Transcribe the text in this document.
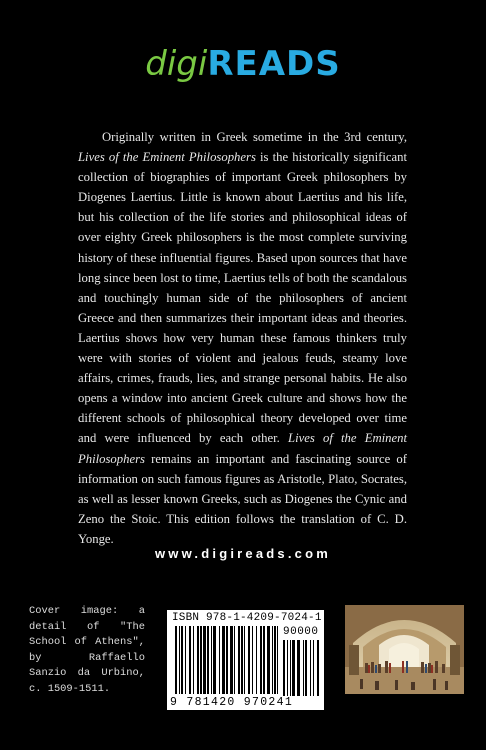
digiREADS

Originally written in Greek sometime in the 3rd century, Lives of the Eminent Philosophers is the historically significant collection of biographies of important Greek philosophers by Diogenes Laertius. Little is known about Laertius and his life, but his collection of the life stories and philosophical ideas of over eighty Greek philosophers is the most complete surviving history of these influential figures. Based upon sources that have long since been lost to time, Laertius tells of both the scandalous and touchingly human side of the philosophers of ancient Greece and then summarizes their important ideas and theories. Laertius shows how very human these famous thinkers truly were with stories of violent and jealous feuds, steamy love affairs, crimes, frauds, lies, and strange personal habits. He also opens a window into ancient Greek culture and shows how the different schools of philosophical theory developed over time and were influenced by each other. Lives of the Eminent Philosophers remains an important and fascinating source of information on such famous figures as Aristotle, Plato, Socrates, as well as lesser known Greeks, such as Diogenes the Cynic and Zeno the Stoic. This edition follows the translation of C. D. Yonge.

www.digireads.com

Cover image: a detail of "The School of Athens", by Raffaello Sanzio da Urbino, c. 1509-1511.

ISBN 978-1-4209-7024-1
90000
9 781420 970241
